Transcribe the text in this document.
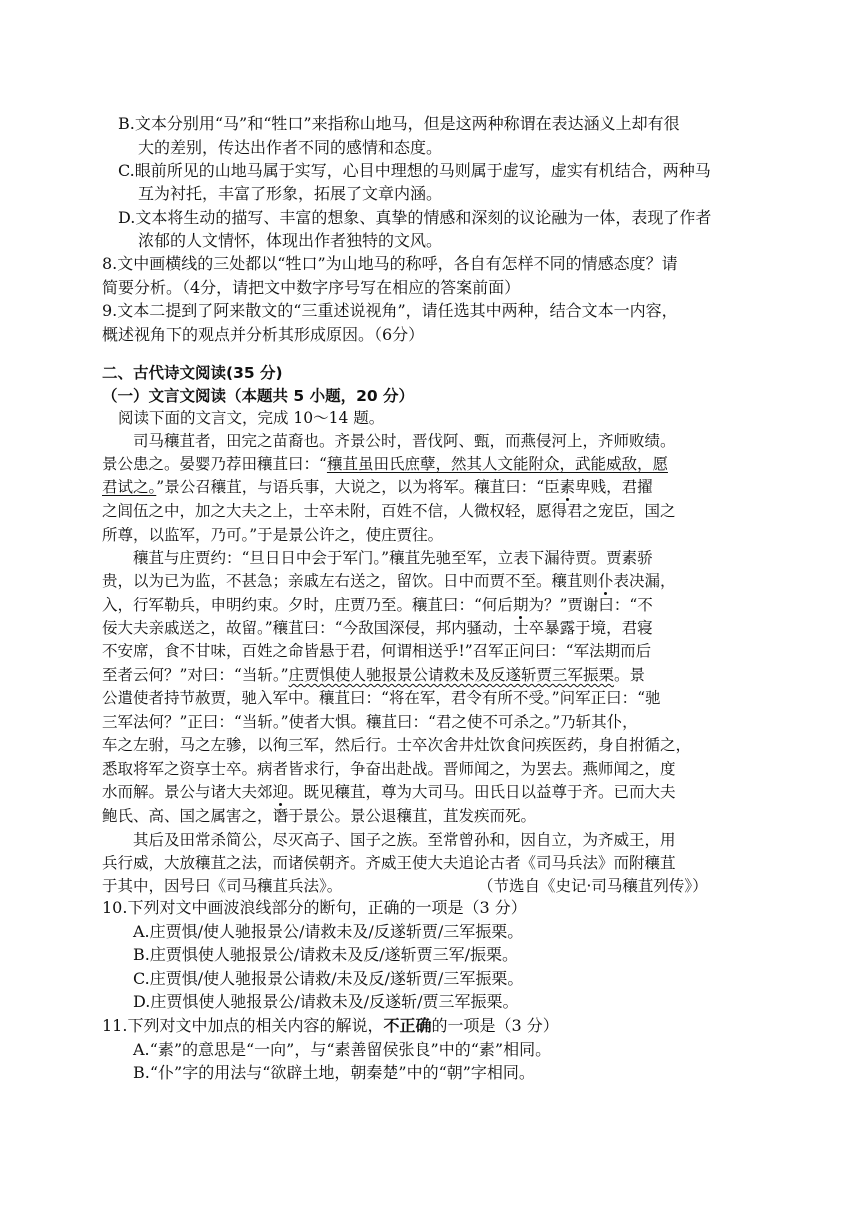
B.文本分别用“马”和“牲口”来指称山地马，但是这两种称谓在表达涵义上却有很
大的差别，传达出作者不同的感情和态度。
C.眼前所见的山地马属于实写，心目中理想的马则属于虚写，虚实有机结合，两种马
互为衬托，丰富了形象，拓展了文章内涵。
D.文本将生动的描写、丰富的想象、真挚的情感和深刻的议论融为一体，表现了作者
浓郁的人文情怀，体现出作者独特的文风。
8.文中画横线的三处都以“牲口”为山地马的称呼，各自有怎样不同的情感态度？请
简要分析。（4分，请把文中数字序号写在相应的答案前面）
9.文本二提到了阿来散文的“三重述说视角”，请任选其中两种，结合文本一内容，
概述视角下的观点并分析其形成原因。（6分）
二、古代诗文阅读(35 分)
（一）文言文阅读（本题共 5 小题，20 分）
阅读下面的文言文，完成 10～14 题。
司马穰苴者，田完之苗裔也。齐景公时，晋伐阿、甄，而燕侵河上，齐师败绩。
景公患之。晏婴乃荐田穰苴曰：“穰苴虽田氏庶孽，然其人文能附众，武能威敌，愿
君试之。”景公召穰苴，与语兵事，大说之，以为将军。穰苴曰：“臣素卑贱，君擢
之闾伍之中，加之大夫之上，士卒未附，百姓不信，人微权轻，愿得君之宠臣，国之
所尊，以监军，乃可。”于是景公许之，使庄贾往。
穰苴与庄贾约：“旦日日中会于军门。”穰苴先驰至军，立表下漏待贾。贾素骄
贵，以为已为监，不甚急；亲戚左右送之，留饮。日中而贾不至。穰苴则仆表决漏，
入，行军勒兵，申明约束。夕时，庄贾乃至。穰苴曰：“何后期为？”贾谢曰：“不
佞大夫亲戚送之，故留。”穰苴曰：“今敌国深侵，邦内骚动，士卒暴露于境，君寝
不安席，食不甘味，百姓之命皆悬于君，何谓相送乎!”召军正问曰：“军法期而后
至者云何？”对曰：“当斩。”庄贾惧使人驰报景公请救未及反遂斩贾三军振栗。景
公遣使者持节赦贾，驰入军中。穰苴曰：“将在军，君令有所不受。”问军正曰：“驰
三军法何？”正曰：“当斩。”使者大惧。穰苴曰：“君之使不可杀之。”乃斩其仆，
车之左驸，马之左骖，以徇三军，然后行。士卒次舍井灶饮食问疾医药，身自拊循之，
悉取将军之资享士卒。病者皆求行，争奋出赴战。晋师闻之，为罢去。燕师闻之，度
水而解。景公与诸大夫郊迎。既见穰苴，尊为大司马。田氏日以益尊于齐。已而大夫
鲍氏、高、国之属害之，谮于景公。景公退穰苴，苴发疾而死。
其后及田常杀简公，尽灭高子、国子之族。至常曾孙和，因自立，为齐威王，用
兵行威，大放穰苴之法，而诸侯朝齐。齐威王使大夫追论古者《司马兵法》而附穰苴
于其中，因号曰《司马穰苴兵法》。	（节选自《史记·司马穰苴列传》）
10.下列对文中画波浪线部分的断句，正确的一项是（3 分）
A.庄贾惧/使人驰报景公/请救未及/反遂斩贾/三军振栗。
B.庄贾惧使人驰报景公/请救未及反/遂斩贾三军/振栗。
C.庄贾惧/使人驰报景公请救/未及反/遂斩贾/三军振栗。
D.庄贾惧使人驰报景公/请救未及/反遂斩/贾三军振栗。
11.下列对文中加点的相关内容的解说，不正确的一项是（3 分）
A.“素”的意思是“一向”，与“素善留侯张良”中的“素”相同。
B.“仆”字的用法与“欲辟土地，朝秦楚”中的“朝”字相同。
